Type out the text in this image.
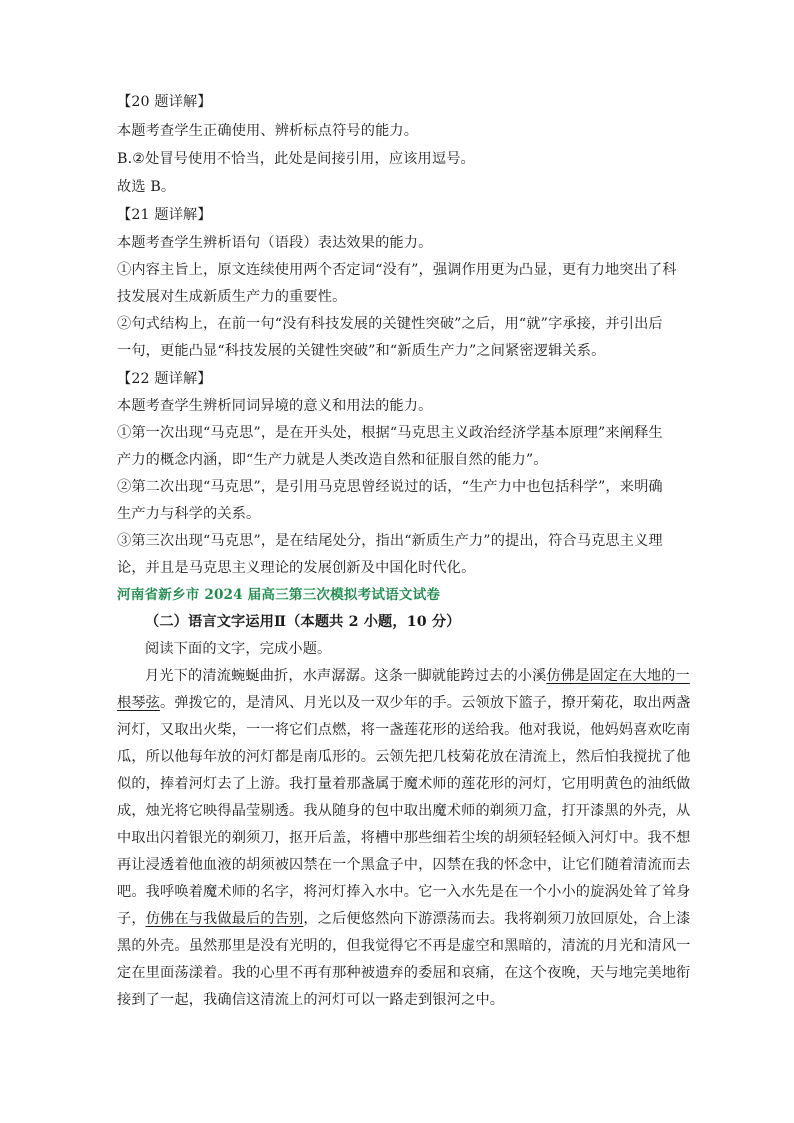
【20 题详解】
本题考查学生正确使用、辨析标点符号的能力。
B.②处冒号使用不恰当，此处是间接引用，应该用逗号。
故选 B。
【21 题详解】
本题考查学生辨析语句（语段）表达效果的能力。
①内容主旨上，原文连续使用两个否定词“没有”，强调作用更为凸显，更有力地突出了科
技发展对生成新质生产力的重要性。
②句式结构上，在前一句“没有科技发展的关键性突破”之后，用“就”字承接，并引出后
一句，更能凸显“科技发展的关键性突破”和“新质生产力”之间紧密逻辑关系。
【22 题详解】
本题考查学生辨析同词异境的意义和用法的能力。
①第一次出现“马克思”，是在开头处，根据“马克思主义政治经济学基本原理”来阐释生
产力的概念内涵，即“生产力就是人类改造自然和征服自然的能力”。
②第二次出现“马克思”，是引用马克思曾经说过的话，“生产力中也包括科学”，来明确
生产力与科学的关系。
③第三次出现“马克思”，是在结尾处分，指出“新质生产力”的提出，符合马克思主义理
论，并且是马克思主义理论的发展创新及中国化时代化。
河南省新乡市 2024 届高三第三次模拟考试语文试卷
（二）语言文字运用Ⅱ（本题共 2 小题，10 分）
阅读下面的文字，完成小题。
月光下的清流蜿蜒曲折，水声潺潺。这条一脚就能跨过去的小溪仿佛是固定在大地的一
根琴弦。弹拨它的，是清风、月光以及一双少年的手。云领放下篮子，撩开菊花，取出两盏
河灯，又取出火柴，一一将它们点燃，将一盏莲花形的送给我。他对我说，他妈妈喜欢吃南
瓜，所以他每年放的河灯都是南瓜形的。云领先把几枝菊花放在清流上，然后怕我搅扰了他
似的，捧着河灯去了上游。我打量着那盏属于魔术师的莲花形的河灯，它用明黄色的油纸做
成，烛光将它映得晶莹剔透。我从随身的包中取出魔术师的剃须刀盒，打开漆黑的外壳，从
中取出闪着银光的剃须刀，抠开后盖，将槽中那些细若尘埃的胡须轻轻倾入河灯中。我不想
再让浸透着他血液的胡须被囚禁在一个黑盒子中，囚禁在我的怀念中，让它们随着清流而去
吧。我呼唤着魔术师的名字，将河灯捧入水中。它一入水先是在一个小小的旋涡处耸了耸身
子，仿佛在与我做最后的告别，之后便悠然向下游漂荡而去。我将剃须刀放回原处，合上漆
黑的外壳。虽然那里是没有光明的，但我觉得它不再是虚空和黑暗的，清流的月光和清风一
定在里面荡漾着。我的心里不再有那种被遗弃的委屈和哀痛，在这个夜晚，天与地完美地衔
接到了一起，我确信这清流上的河灯可以一路走到银河之中。
